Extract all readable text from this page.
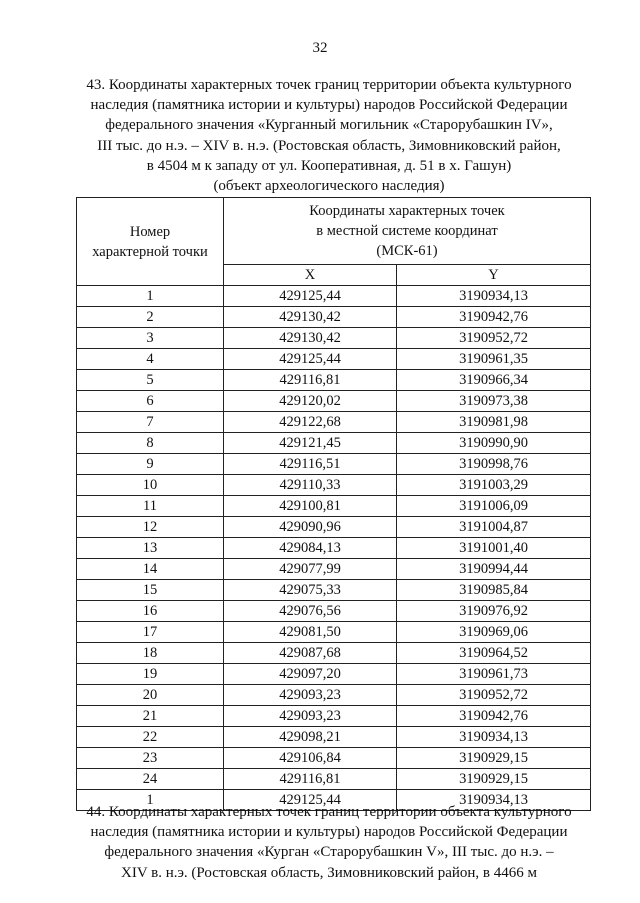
32
43. Координаты характерных точек границ территории объекта культурного
наследия (памятника истории и культуры) народов Российской Федерации
федерального значения «Курганный могильник «Старорубашкин IV»,
III тыс. до н.э. – XIV в. н.э. (Ростовская область, Зимовниковский район,
в 4504 м к западу от ул. Кооперативная, д. 51 в х. Гашун)
(объект археологического наследия)
Номер
характерной точки	Координаты характерных точек
в местной системе координат
(МСК-61)	
	X	Y
1	429125,44	3190934,13
2	429130,42	3190942,76
3	429130,42	3190952,72
4	429125,44	3190961,35
5	429116,81	3190966,34
6	429120,02	3190973,38
7	429122,68	3190981,98
8	429121,45	3190990,90
9	429116,51	3190998,76
10	429110,33	3191003,29
11	429100,81	3191006,09
12	429090,96	3191004,87
13	429084,13	3191001,40
14	429077,99	3190994,44
15	429075,33	3190985,84
16	429076,56	3190976,92
17	429081,50	3190969,06
18	429087,68	3190964,52
19	429097,20	3190961,73
20	429093,23	3190952,72
21	429093,23	3190942,76
22	429098,21	3190934,13
23	429106,84	3190929,15
24	429116,81	3190929,15
1	429125,44	3190934,13
44. Координаты характерных точек границ территории объекта культурного
наследия (памятника истории и культуры) народов Российской Федерации
федерального значения «Курган «Старорубашкин V», III тыс. до н.э. –
XIV в. н.э. (Ростовская область, Зимовниковский район, в 4466 м
